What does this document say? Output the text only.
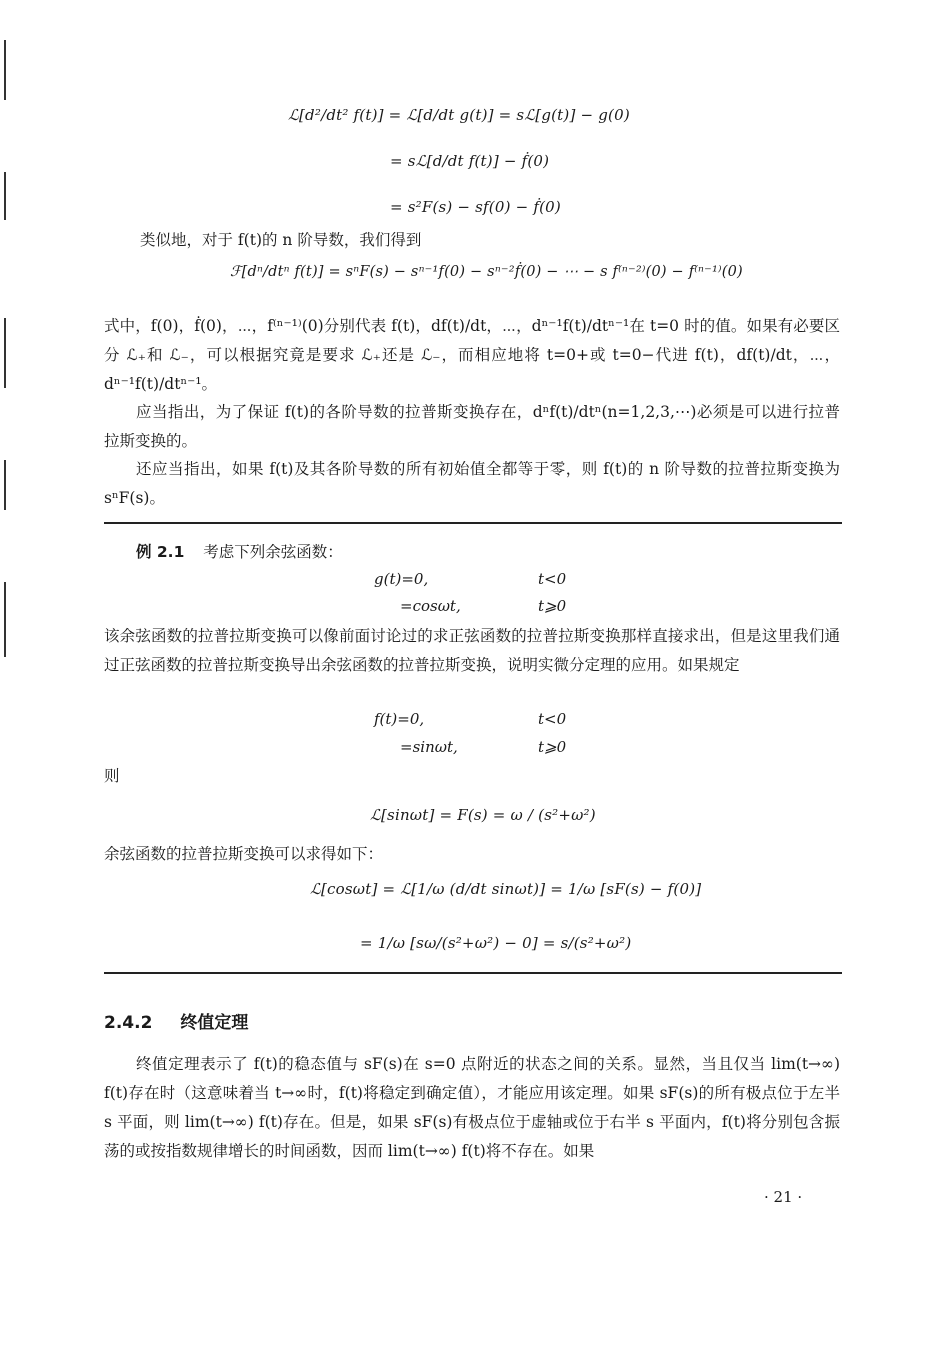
ℒ[d²/dt² f(t)] = ℒ[d/dt g(t)] = sℒ[g(t)] − g(0)
= sℒ[d/dt f(t)] − ḟ(0)
= s²F(s) − sf(0) − ḟ(0)
类似地，对于 f(t)的 n 阶导数，我们得到
ℱ[dⁿ/dtⁿ f(t)] = sⁿF(s) − sⁿ⁻¹f(0) − sⁿ⁻²ḟ(0) − ⋯ − s f⁽ⁿ⁻²⁾(0) − f⁽ⁿ⁻¹⁾(0)
式中，f(0)，ḟ(0)，⋯，f⁽ⁿ⁻¹⁾(0)分别代表 f(t)，df(t)/dt，⋯，dⁿ⁻¹f(t)/dtⁿ⁻¹在 t=0 时的值。如果有必要区分 ℒ₊和 ℒ₋，可以根据究竟是要求 ℒ₊还是 ℒ₋，而相应地将 t=0+或 t=0−代进 f(t)，df(t)/dt，⋯，dⁿ⁻¹f(t)/dtⁿ⁻¹。
应当指出，为了保证 f(t)的各阶导数的拉普斯变换存在，dⁿf(t)/dtⁿ(n=1,2,3,⋯)必须是可以进行拉普拉斯变换的。
还应当指出，如果 f(t)及其各阶导数的所有初始值全都等于零，则 f(t)的 n 阶导数的拉普拉斯变换为 sⁿF(s)。
例 2.1 考虑下列余弦函数：
g(t)=0,	t<0
=cosωt,	t⩾0
该余弦函数的拉普拉斯变换可以像前面讨论过的求正弦函数的拉普拉斯变换那样直接求出，但是这里我们通过正弦函数的拉普拉斯变换导出余弦函数的拉普拉斯变换，说明实微分定理的应用。如果规定
f(t)=0,	t<0
=sinωt,	t⩾0
则
ℒ[sinωt] = F(s) = ω / (s²+ω²)
余弦函数的拉普拉斯变换可以求得如下：
ℒ[cosωt] = ℒ[1/ω (d/dt sinωt)] = 1/ω [sF(s) − f(0)]
= 1/ω [sω/(s²+ω²) − 0] = s/(s²+ω²)
2.4.2 终值定理
终值定理表示了 f(t)的稳态值与 sF(s)在 s=0 点附近的状态之间的关系。显然，当且仅当 lim(t→∞) f(t)存在时（这意味着当 t→∞时，f(t)将稳定到确定值），才能应用该定理。如果 sF(s)的所有极点位于左半 s 平面，则 lim(t→∞) f(t)存在。但是，如果 sF(s)有极点位于虚轴或位于右半 s 平面内，f(t)将分别包含振荡的或按指数规律增长的时间函数，因而 lim(t→∞) f(t)将不存在。如果
· 21 ·
